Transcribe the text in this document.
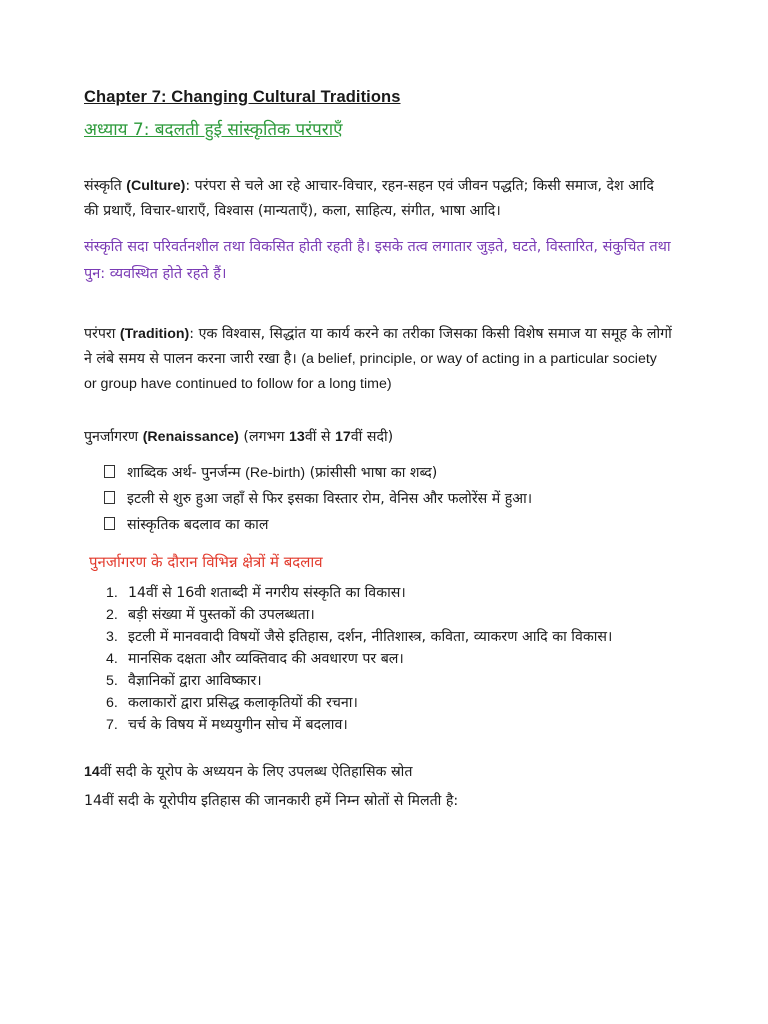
Chapter 7: Changing Cultural Traditions
अध्याय 7: बदलती हुई सांस्कृतिक परंपराएँ

संस्कृति (Culture): परंपरा से चले आ रहे आचार-विचार, रहन-सहन एवं जीवन पद्धति; किसी समाज, देश आदि की प्रथाएँ, विचार-धाराएँ, विश्वास (मान्यताएँ), कला, साहित्य, संगीत, भाषा आदि।

संस्कृति सदा परिवर्तनशील तथा विकसित होती रहती है। इसके तत्व लगातार जुड़ते, घटते, विस्तारित, संकुचित तथा पुन: व्यवस्थित होते रहते हैं।

परंपरा (Tradition): एक विश्वास, सिद्धांत या कार्य करने का तरीका जिसका किसी विशेष समाज या समूह के लोगों ने लंबे समय से पालन करना जारी रखा है। (a belief, principle, or way of acting in a particular society or group have continued to follow for a long time)

पुनर्जागरण (Renaissance) (लगभग 13वीं से 17वीं सदी)

शाब्दिक अर्थ- पुनर्जन्म (Re-birth) (फ्रांसीसी भाषा का शब्द)
इटली से शुरु हुआ जहाँ से फिर इसका विस्तार रोम, वेनिस और फलोरेंस में हुआ।
सांस्कृतिक बदलाव का काल
पुनर्जागरण के दौरान विभिन्न क्षेत्रों में बदलाव
1. 14वीं से 16वी शताब्दी में नगरीय संस्कृति का विकास।
2. बड़ी संख्या में पुस्तकों की उपलब्धता।
3. इटली में मानववादी विषयों जैसे इतिहास, दर्शन, नीतिशास्त्र, कविता, व्याकरण आदि का विकास।
4. मानसिक दक्षता और व्यक्तिवाद की अवधारण पर बल।
5. वैज्ञानिकों द्वारा आविष्कार।
6. कलाकारों द्वारा प्रसिद्ध कलाकृतियों की रचना।
7. चर्च के विषय में मध्ययुगीन सोच में बदलाव।

14वीं सदी के यूरोप के अध्ययन के लिए उपलब्ध ऐतिहासिक स्रोत

14वीं सदी के यूरोपीय इतिहास की जानकारी हमें निम्न स्रोतों से मिलती है:
